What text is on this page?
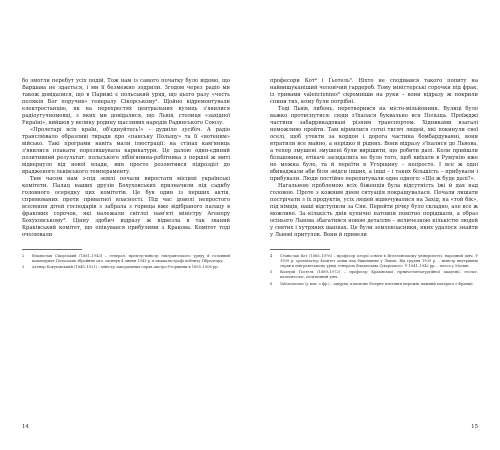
бо змогли перебут усіх подій. Тож нам із самого початку було відомо, що Варшава не здається, і ми її безмежно зодрили. Згодом через радіо ми також довідалися, що в Парижі є польський уряд, що цього разу «честь полякія Бог поручив» генералу Сікорському². Щойно відремонтували електростанцію, як на перехрестях центральних вулиць з'явилися радіоугучномовці, з яких ми довідалися, що Львів, столиця «західної Україні», вийшов у велику родину щасливих народів Радянського Союзу.

«Пролетарі всіх країн, об'єднуйтесь!» – дудніло зусібіч. А радіо транслювало образливі тиради про «панську Польщу» та її «вотеним» військо. Такі програми навіть мали ілюстрації: на стінах кам'яниць з'явилися плакати порозвішувала карикатури. Це далою один-єдиний позитивний результат: польського лібів'янина-робітника з першої ж миті відвернуло від нової влади, вин просто розлютився підрозділ до врадженого львівського темпераменту.

Тим часом нам з-під землі почали виростати місцеві українські комітети. Палац наших друзів Бохуховських призначили під садибу головного осередку цих комітетів. Це був один із перших актів, спрямованих проти приватної власності. Під час доволі непростого вселення дітей господарів з забрала з горища вже відібраного палацу в фракових сорочок, які належали світлої пам'яті міністру Агенору Бохуховському³. Цінну здобич відразу ж відвезла в так званий Краківський комітет, що опікувався прибулими з Кракова. Комітет тоді очолювали

2	Владислав Сікорський (1881–1943) – генерал, прем'єр-міністр емігрантського уряду й головний командувач Польських збройних сил, загинув 4 липня 1943 р. в авіакатастрофі поблизу Гібралтару.
3	Агенор Бохуховський (1849–1921) – міністр закордонних справ Австро-Угорщини в 1895–1906 рр.
14

професори Кот⁴ і Ґьотель⁵. Ніхто не сподівався такого попиту на найвишуканіший чоловічий гардероб. Тому міністерські сорочки під фрак, із тривами valenciennes⁶ скромніши на руки – вони відразу ж покрили спини тих, кому були потрібні.

Тоді Львів, либонь, перетворився на місто-мільйонник. Вулиці було важко протиснутися: сюди з'їхалася буквально вся Польща. Проїжджі частини забаррикадовані різним транспортом. Хідниками взагалі неможливо пройти. Там вірнилися сотні тисяч людей, які покинули свої оселі, щоб утекти за кордон і дорога частина бомбардуванні, вони втратили все майно, а нерідко й рідних. Вони відразу з'їхалися до Львова, а тепер змушені змушені були вирішити, що робити далі. Коли прийшли більшовики, втікачі засидались не було того, щоб виїхати в Румунію вже не можна було, та й переїти в Угорщину – непросто. І все ж одні вбиваджали аби біля звідси інших, а інші – і таких більшість – прибували і прибували. Люди постійно перепитували одне одного: «Що ж буде далі?».

Нагальною проблемою всіх біженців була відсутність їжі й дах над головою. Проте з кожним днем ситуація покращувалася. Почали лишати пострічати з їх продуктів, усіх людей відвочувалися на Захід, на «той бік», під німців, наші відступили за Сян. Перейти річку було складно, але все ж можливо. За кількість днів купичні натовпи помітно порідшали, а образ осінього Львова збагатився новою деталлю – величезною кількістю людей у святих і хутряних шапках. Це були землевласники, яких удалося знайти у Львові притулок. Вони й привели

4	Станіслав Кот (1885–1976) – професор історії освіти в Ягеллонському університеті, народний діяч. У 1939 р. організатор Комітет опіки над біженцями у Львові. Від грудня 1939 р. – міністр внутрішніх справ в емігрантському уряді генерала Владислава Сікорського. У 1941–1942 рр. – посол у Москві.
5	Валерій Ґьотель (1889–1972) – професор Краківської гірничо-металургійної академії, геолог, палеонтолог, політичний діяч.
6	Valenciennes (у кон. з фр.) – ажурна, класичне бісерне плетіння мережів, важний матеріал з Франції.
15
